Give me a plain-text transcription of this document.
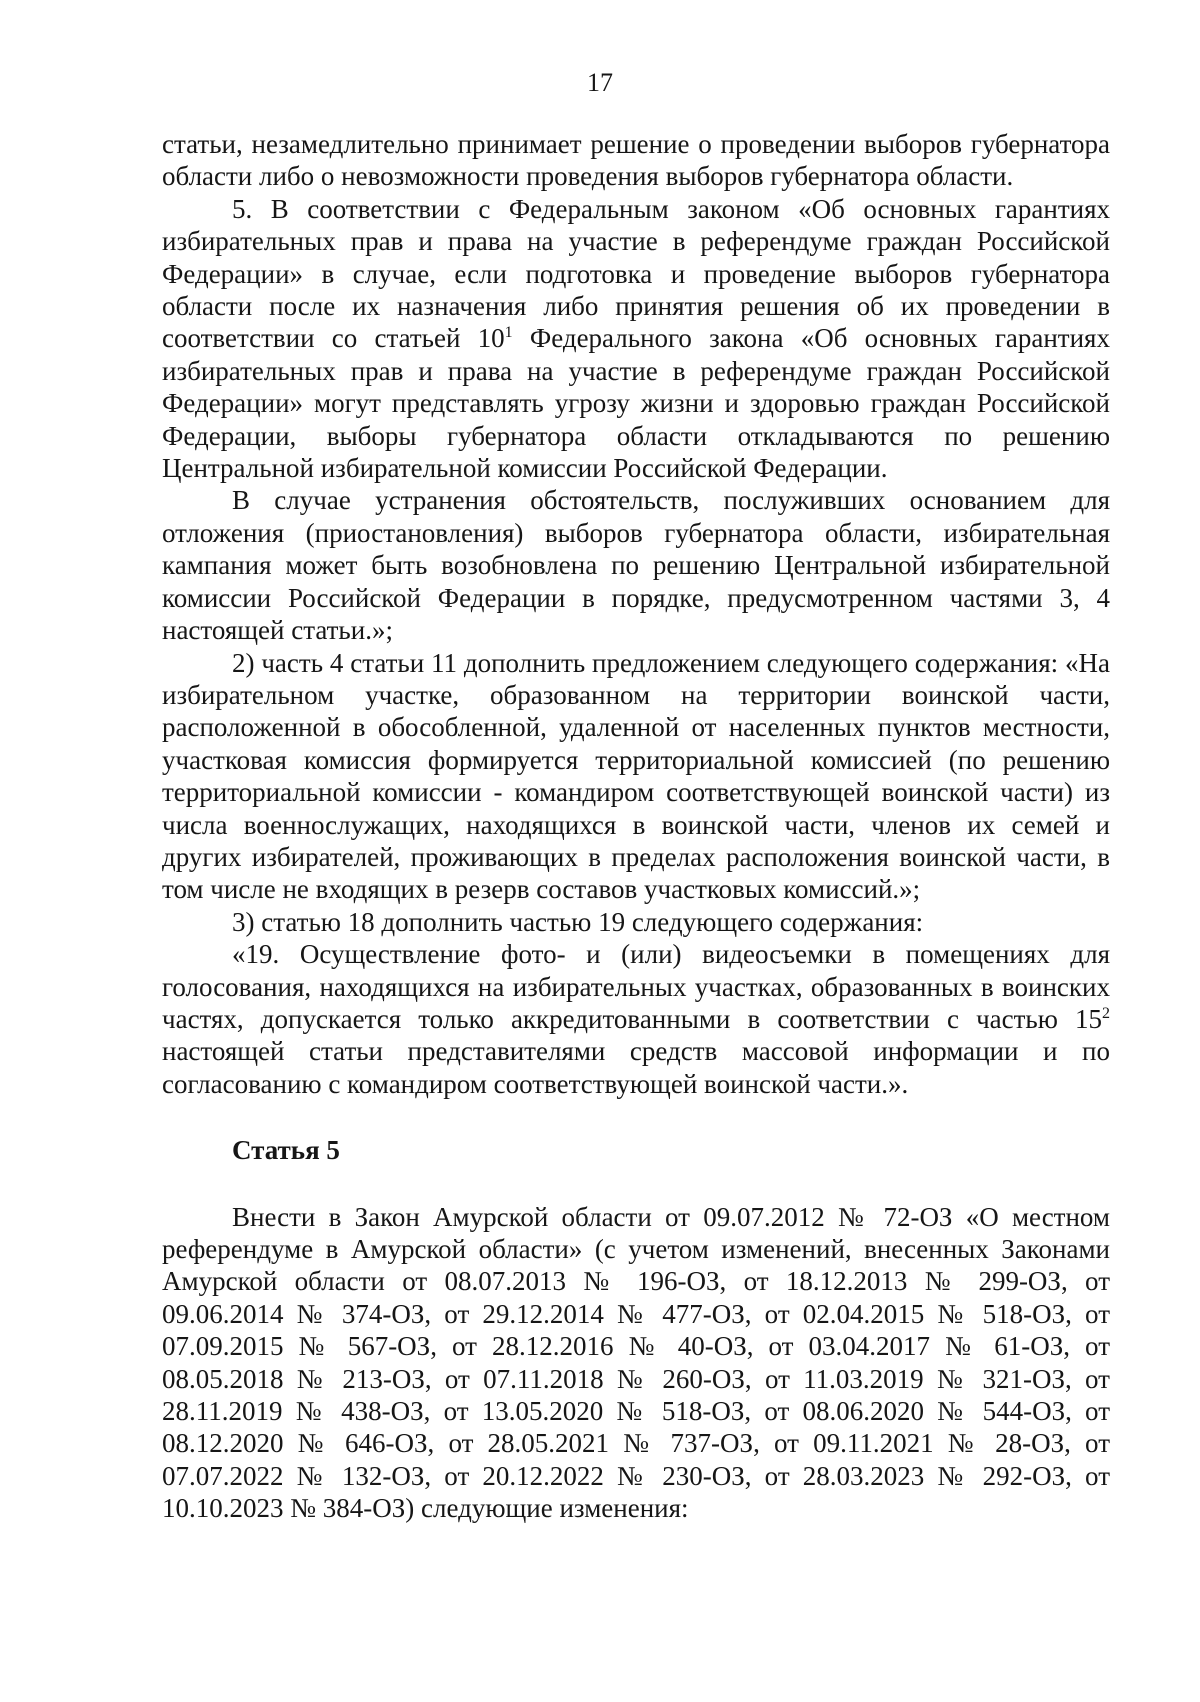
17

статьи, незамедлительно принимает решение о проведении выборов губернатора области либо о невозможности проведения выборов губернатора области.

5. В соответствии с Федеральным законом «Об основных гарантиях избирательных прав и права на участие в референдуме граждан Российской Федерации» в случае, если подготовка и проведение выборов губернатора области после их назначения либо принятия решения об их проведении в соответствии со статьей $10^1$ Федерального закона «Об основных гарантиях избирательных прав и права на участие в референдуме граждан Российской Федерации» могут представлять угрозу жизни и здоровью граждан Российской Федерации, выборы губернатора области откладываются по решению Центральной избирательной комиссии Российской Федерации.

В случае устранения обстоятельств, послуживших основанием для отложения (приостановления) выборов губернатора области, избирательная кампания может быть возобновлена по решению Центральной избирательной комиссии Российской Федерации в порядке, предусмотренном частями 3, 4 настоящей статьи.»;

2) часть 4 статьи 11 дополнить предложением следующего содержания: «На избирательном участке, образованном на территории воинской части, расположенной в обособленной, удаленной от населенных пунктов местности, участковая комиссия формируется территориальной комиссией (по решению территориальной комиссии - командиром соответствующей воинской части) из числа военнослужащих, находящихся в воинской части, членов их семей и других избирателей, проживающих в пределах расположения воинской части, в том числе не входящих в резерв составов участковых комиссий.»;

3) статью 18 дополнить частью 19 следующего содержания:

«19. Осуществление фото- и (или) видеосъемки в помещениях для голосования, находящихся на избирательных участках, образованных в воинских частях, допускается только аккредитованными в соответствии с частью $15^2$ настоящей статьи представителями средств массовой информации и по согласованию с командиром соответствующей воинской части.».

Статья 5

Внести в Закон Амурской области от 09.07.2012 № 72-ОЗ «О местном референдуме в Амурской области» (с учетом изменений, внесенных Законами Амурской области от 08.07.2013 № 196-ОЗ, от 18.12.2013 № 299-ОЗ, от 09.06.2014 № 374-ОЗ, от 29.12.2014 № 477-ОЗ, от 02.04.2015 № 518-ОЗ, от 07.09.2015 № 567-ОЗ, от 28.12.2016 № 40-ОЗ, от 03.04.2017 № 61-ОЗ, от 08.05.2018 № 213-ОЗ, от 07.11.2018 № 260-ОЗ, от 11.03.2019 № 321-ОЗ, от 28.11.2019 № 438-ОЗ, от 13.05.2020 № 518-ОЗ, от 08.06.2020 № 544-ОЗ, от 08.12.2020 № 646-ОЗ, от 28.05.2021 № 737-ОЗ, от 09.11.2021 № 28-ОЗ, от 07.07.2022 № 132-ОЗ, от 20.12.2022 № 230-ОЗ, от 28.03.2023 № 292-ОЗ, от 10.10.2023 № 384-ОЗ) следующие изменения:
